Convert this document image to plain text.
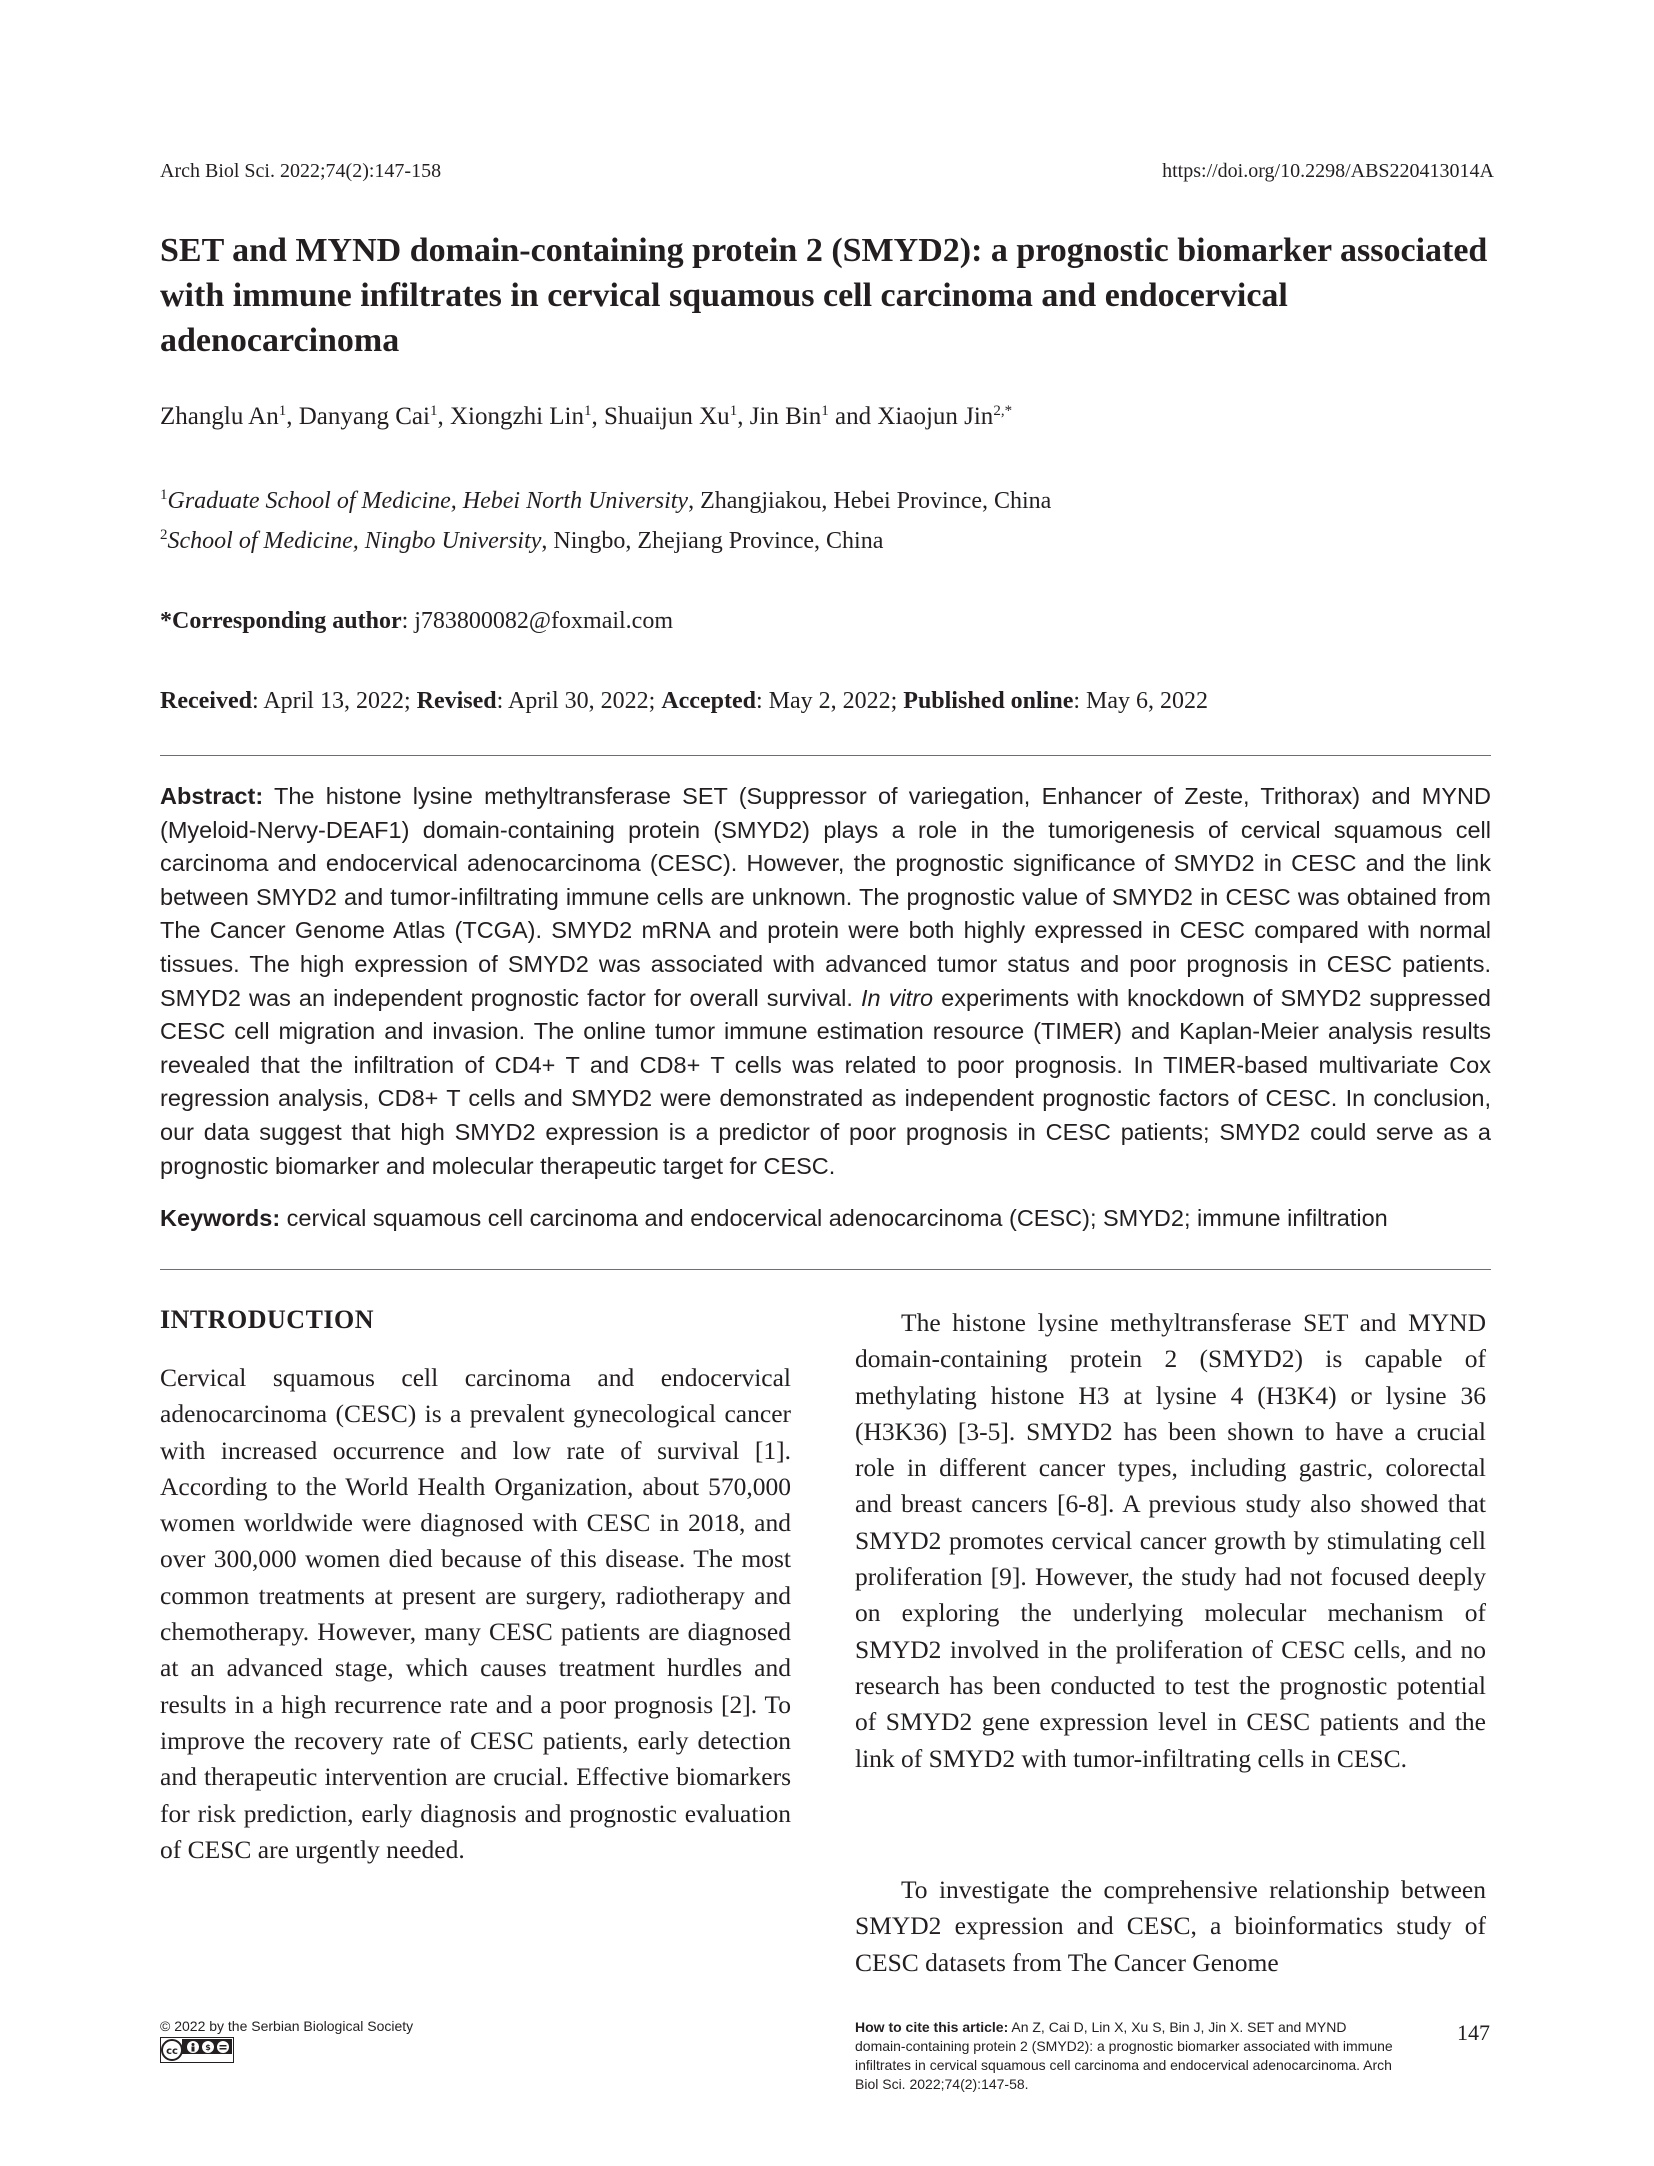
Arch Biol Sci. 2022;74(2):147-158	https://doi.org/10.2298/ABS220413014A
SET and MYND domain-containing protein 2 (SMYD2): a prognostic biomarker associated with immune infiltrates in cervical squamous cell carcinoma and endocervical adenocarcinoma
Zhanglu An$^1$, Danyang Cai$^1$, Xiongzhi Lin$^1$, Shuaijun Xu$^1$, Jin Bin$^1$ and Xiaojun Jin$^{2,*}$
$^1$Graduate School of Medicine, Hebei North University, Zhangjiakou, Hebei Province, China
$^2$School of Medicine, Ningbo University, Ningbo, Zhejiang Province, China
*Corresponding author: j783800082@foxmail.com
Received: April 13, 2022; Revised: April 30, 2022; Accepted: May 2, 2022; Published online: May 6, 2022

Abstract: The histone lysine methyltransferase SET (Suppressor of variegation, Enhancer of Zeste, Trithorax) and MYND (Myeloid-Nervy-DEAF1) domain-containing protein (SMYD2) plays a role in the tumorigenesis of cervical squamous cell carcinoma and endocervical adenocarcinoma (CESC). However, the prognostic significance of SMYD2 in CESC and the link between SMYD2 and tumor-infiltrating immune cells are unknown. The prognostic value of SMYD2 in CESC was obtained from The Cancer Genome Atlas (TCGA). SMYD2 mRNA and protein were both highly expressed in CESC compared with normal tissues. The high expression of SMYD2 was associated with advanced tumor status and poor prognosis in CESC patients. SMYD2 was an independent prognostic factor for overall survival. In vitro experiments with knockdown of SMYD2 suppressed CESC cell migration and invasion. The online tumor immune estimation resource (TIMER) and Kaplan-Meier analysis results revealed that the infiltration of CD4+ T and CD8+ T cells was related to poor prognosis. In TIMER-based multivariate Cox regression analysis, CD8+ T cells and SMYD2 were demonstrated as independent prognostic factors of CESC. In conclusion, our data suggest that high SMYD2 expression is a predictor of poor prognosis in CESC patients; SMYD2 could serve as a prognostic biomarker and molecular therapeutic target for CESC.

Keywords: cervical squamous cell carcinoma and endocervical adenocarcinoma (CESC); SMYD2; immune infiltration

INTRODUCTION

Cervical squamous cell carcinoma and endocervical adenocarcinoma (CESC) is a prevalent gynecological cancer with increased occurrence and low rate of survival [1]. According to the World Health Organization, about 570,000 women worldwide were diagnosed with CESC in 2018, and over 300,000 women died because of this disease. The most common treatments at present are surgery, radiotherapy and chemotherapy. However, many CESC patients are diagnosed at an advanced stage, which causes treatment hurdles and results in a high recurrence rate and a poor prognosis [2]. To improve the recovery rate of CESC patients, early detection and therapeutic intervention are crucial. Effective biomarkers for risk prediction, early diagnosis and prognostic evaluation of CESC are urgently needed.

The histone lysine methyltransferase SET and MYND domain-containing protein 2 (SMYD2) is capable of methylating histone H3 at lysine 4 (H3K4) or lysine 36 (H3K36) [3-5]. SMYD2 has been shown to have a crucial role in different cancer types, including gastric, colorectal and breast cancers [6-8]. A previous study also showed that SMYD2 promotes cervical cancer growth by stimulating cell proliferation [9]. However, the study had not focused deeply on exploring the underlying molecular mechanism of SMYD2 involved in the proliferation of CESC cells, and no research has been conducted to test the prognostic potential of SMYD2 gene expression level in CESC patients and the link of SMYD2 with tumor-infiltrating cells in CESC.

To investigate the comprehensive relationship between SMYD2 expression and CESC, a bioinformatics study of CESC datasets from The Cancer Genome

© 2022 by the Serbian Biological Society
cc	$
How to cite this article: An Z, Cai D, Lin X, Xu S, Bin J, Jin X. SET and MYND domain-containing protein 2 (SMYD2): a prognostic biomarker associated with immune infiltrates in cervical squamous cell carcinoma and endocervical adenocarcinoma. Arch Biol Sci. 2022;74(2):147-58.
147
